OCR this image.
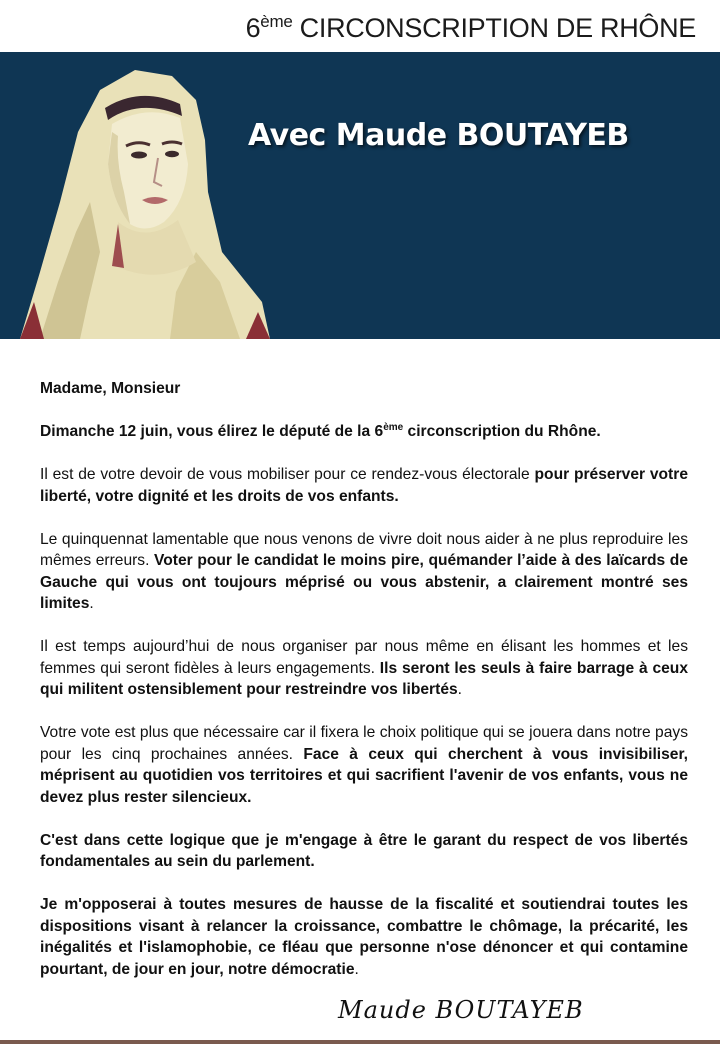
6ème CIRCONSCRIPTION DE RHÔNE
Avec Maude BOUTAYEB

Madame, Monsieur

Dimanche 12 juin, vous élirez le député de la 6ème circonscription du Rhône.

Il est de votre devoir de vous mobiliser pour ce rendez-vous électorale pour préserver votre liberté, votre dignité et les droits de vos enfants.

Le quinquennat lamentable que nous venons de vivre doit nous aider à ne plus reproduire les mêmes erreurs. Voter pour le candidat le moins pire, quémander l’aide à des laïcards de Gauche qui vous ont toujours méprisé ou vous abstenir, a clairement montré ses limites.

Il est temps aujourd’hui de nous organiser par nous même en élisant les hommes et les femmes qui seront fidèles à leurs engagements. Ils seront les seuls à faire barrage à ceux qui militent ostensiblement pour restreindre vos libertés.

Votre vote est plus que nécessaire car il fixera le choix politique qui se jouera dans notre pays pour les cinq prochaines années. Face à ceux qui cherchent à vous invisibiliser, méprisent au quotidien vos territoires et qui sacrifient l'avenir de vos enfants, vous ne devez plus rester silencieux.

C'est dans cette logique que je m'engage à être le garant du respect de vos libertés fondamentales au sein du parlement.

Je m'opposerai à toutes mesures de hausse de la fiscalité et soutiendrai toutes les dispositions visant à relancer la croissance, combattre le chômage, la précarité, les inégalités et l'islamophobie, ce fléau que personne n'ose dénoncer et qui contamine pourtant, de jour en jour, notre démocratie.

Maude BOUTAYEB
